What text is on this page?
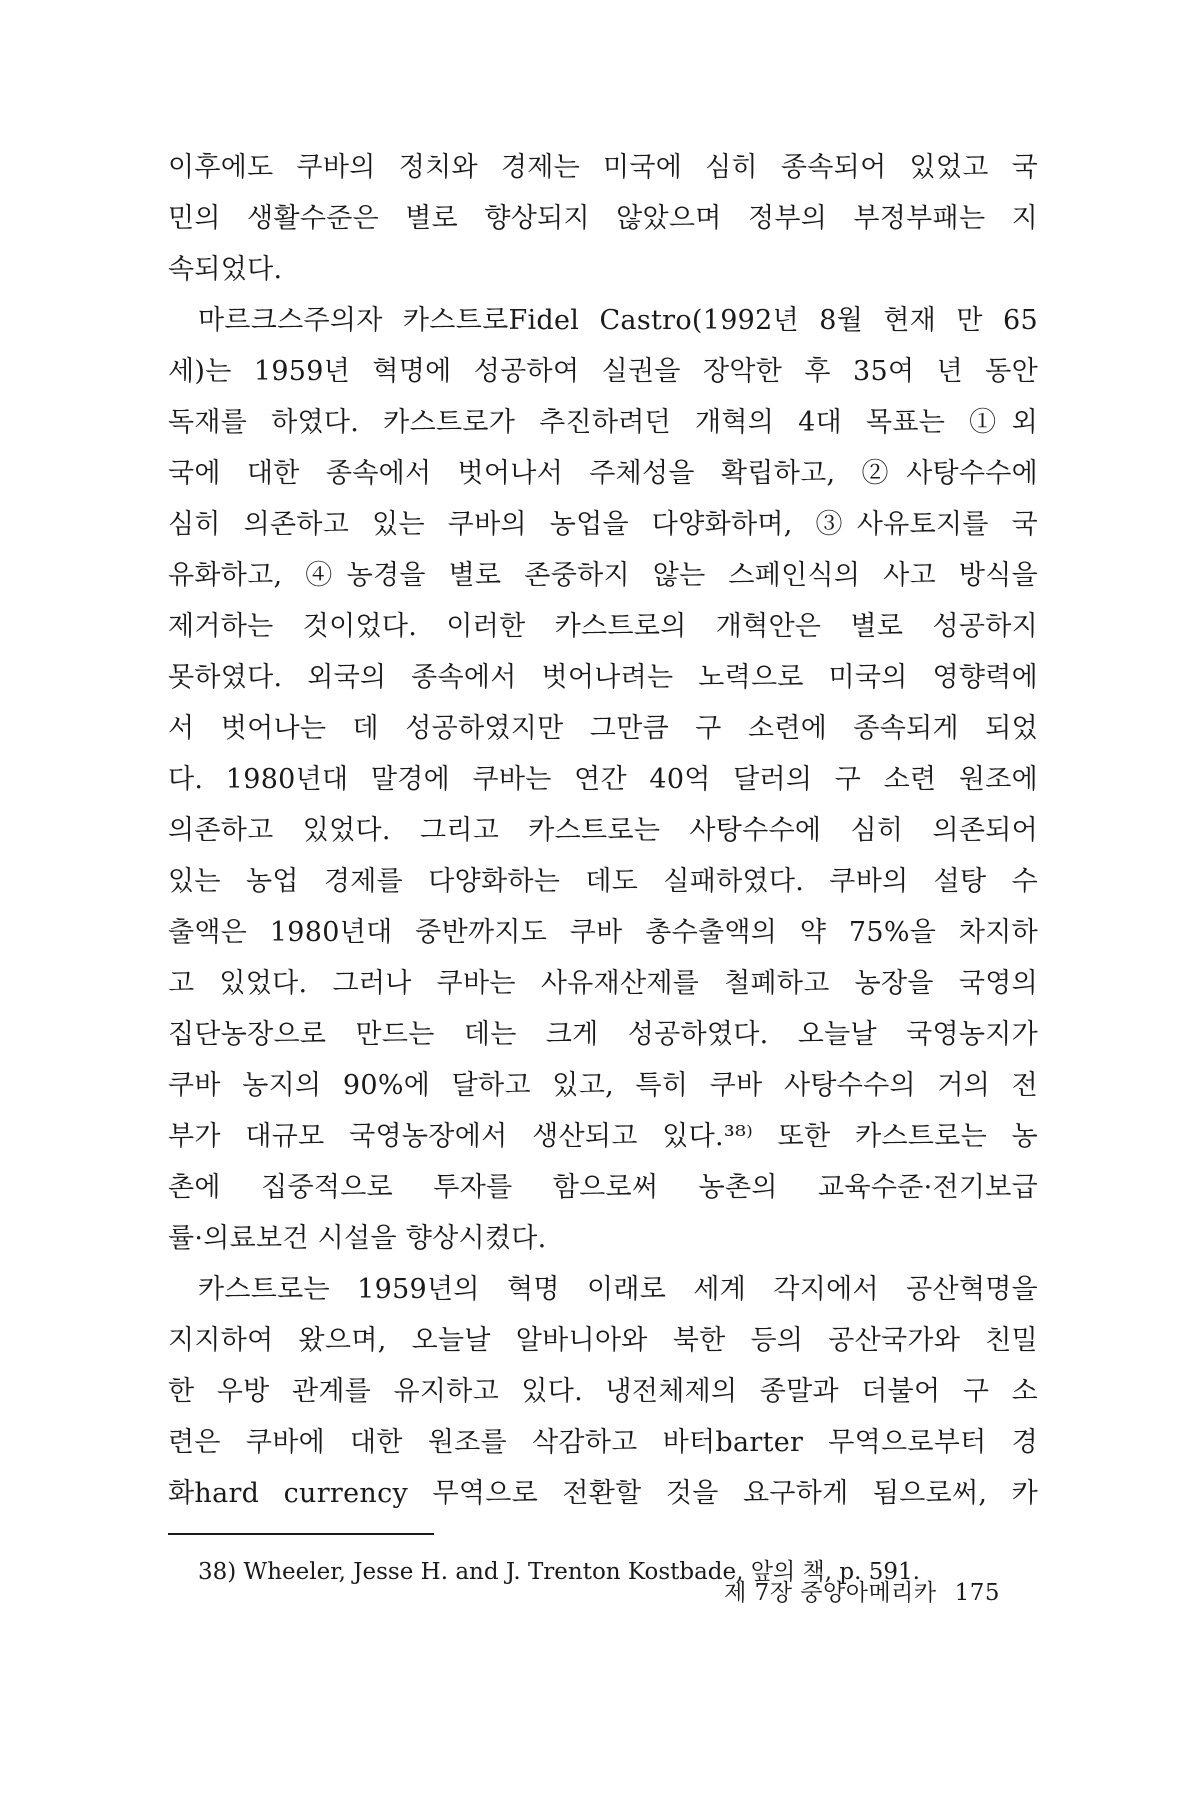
이후에도 쿠바의 정치와 경제는 미국에 심히 종속되어 있었고 국

민의 생활수준은 별로 향상되지 않았으며 정부의 부정부패는 지

속되었다.

마르크스주의자 카스트로Fidel Castro(1992년 8월 현재 만 65

세)는 1959년 혁명에 성공하여 실권을 장악한 후 35여 년 동안

독재를 하였다. 카스트로가 추진하려던 개혁의 4대 목표는 ①외

국에 대한 종속에서 벗어나서 주체성을 확립하고, ②사탕수수에

심히 의존하고 있는 쿠바의 농업을 다양화하며, ③사유토지를 국

유화하고, ④농경을 별로 존중하지 않는 스페인식의 사고 방식을

제거하는 것이었다. 이러한 카스트로의 개혁안은 별로 성공하지

못하였다. 외국의 종속에서 벗어나려는 노력으로 미국의 영향력에

서 벗어나는 데 성공하였지만 그만큼 구 소련에 종속되게 되었

다. 1980년대 말경에 쿠바는 연간 40억 달러의 구 소련 원조에

의존하고 있었다. 그리고 카스트로는 사탕수수에 심히 의존되어

있는 농업 경제를 다양화하는 데도 실패하였다. 쿠바의 설탕 수

출액은 1980년대 중반까지도 쿠바 총수출액의 약 75%을 차지하

고 있었다. 그러나 쿠바는 사유재산제를 철폐하고 농장을 국영의

집단농장으로 만드는 데는 크게 성공하였다. 오늘날 국영농지가

쿠바 농지의 90%에 달하고 있고, 특히 쿠바 사탕수수의 거의 전

부가 대규모 국영농장에서 생산되고 있다.³⁸⁾ 또한 카스트로는 농

촌에 집중적으로 투자를 함으로써 농촌의 교육수준·전기보급

률·의료보건 시설을 향상시켰다.

카스트로는 1959년의 혁명 이래로 세계 각지에서 공산혁명을

지지하여 왔으며, 오늘날 알바니아와 북한 등의 공산국가와 친밀

한 우방 관계를 유지하고 있다. 냉전체제의 종말과 더불어 구 소

련은 쿠바에 대한 원조를 삭감하고 바터barter 무역으로부터 경

화hard currency 무역으로 전환할 것을 요구하게 됨으로써, 카

38) Wheeler, Jesse H. and J. Trenton Kostbade, 앞의 책, p. 591.

제 7장 중앙아메리카 175
